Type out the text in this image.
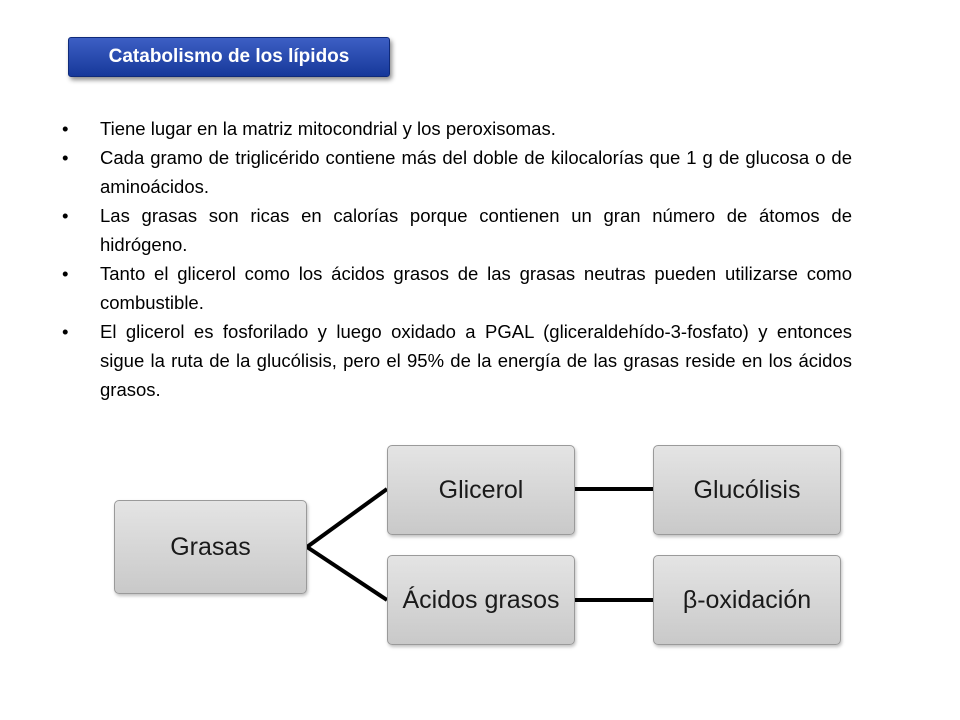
Catabolismo de los lípidos
• Tiene lugar en la matriz mitocondrial y los peroxisomas.
• Cada gramo de triglicérido contiene más del doble de kilocalorías que 1 g de glucosa o de aminoácidos.
• Las grasas son ricas en calorías porque contienen un gran número de átomos de hidrógeno.
• Tanto el glicerol como los ácidos grasos de las grasas neutras pueden utilizarse como combustible.
• El glicerol es fosforilado y luego oxidado a PGAL (gliceraldehído-3-fosfato) y entonces sigue la ruta de la glucólisis, pero el 95% de la energía de las grasas reside en los ácidos grasos.
Grasas
Glicerol
Ácidos grasos
Glucólisis
β-oxidación
